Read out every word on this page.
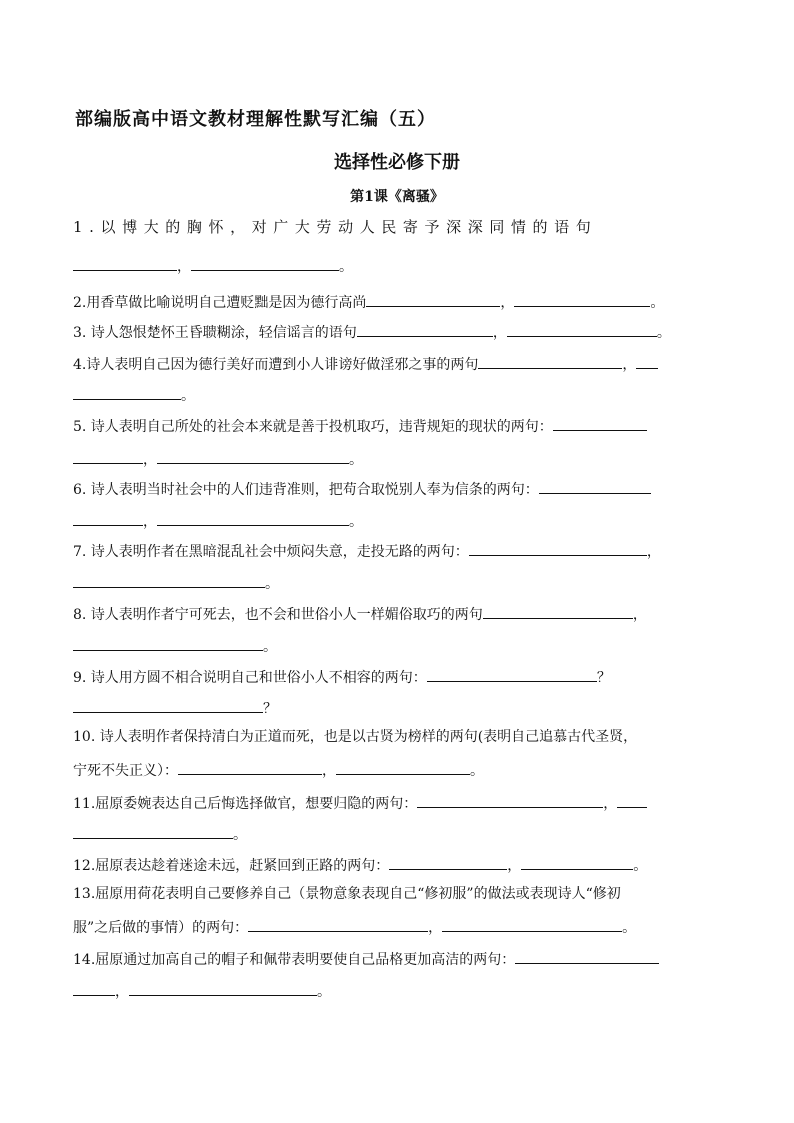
部编版高中语文教材理解性默写汇编（五）
选择性必修下册
第1课《离骚》
1.以博大的胸怀，对广大劳动人民寄予深深同情的语句
，	。
2.用香草做比喻说明自己遭贬黜是因为德行高尚	，	。
3. 诗人怨恨楚怀王昏聩糊涂，轻信谣言的语句	，	。
4.诗人表明自己因为德行美好而遭到小人诽谤好做淫邪之事的两句	，
。
5. 诗人表明自己所处的社会本来就是善于投机取巧，违背规矩的现状的两句：
，	。
6. 诗人表明当时社会中的人们违背准则，把苟合取悦别人奉为信条的两句：
，	。
7. 诗人表明作者在黑暗混乱社会中烦闷失意，走投无路的两句：	，
。
8. 诗人表明作者宁可死去，也不会和世俗小人一样媚俗取巧的两句	，
。
9. 诗人用方圆不相合说明自己和世俗小人不相容的两句：	？
？
10. 诗人表明作者保持清白为正道而死，也是以古贤为榜样的两句(表明自己追慕古代圣贤，
宁死不失正义）：	，	。
11.屈原委婉表达自己后悔选择做官，想要归隐的两句：	，
。
12.屈原表达趁着迷途未远，赶紧回到正路的两句：	，	。
13.屈原用荷花表明自己要修养自己（景物意象表现自己“修初服”的做法或表现诗人“修初
服”之后做的事情）的两句：	，	。
14.屈原通过加高自己的帽子和佩带表明要使自己品格更加高洁的两句：
，	。
